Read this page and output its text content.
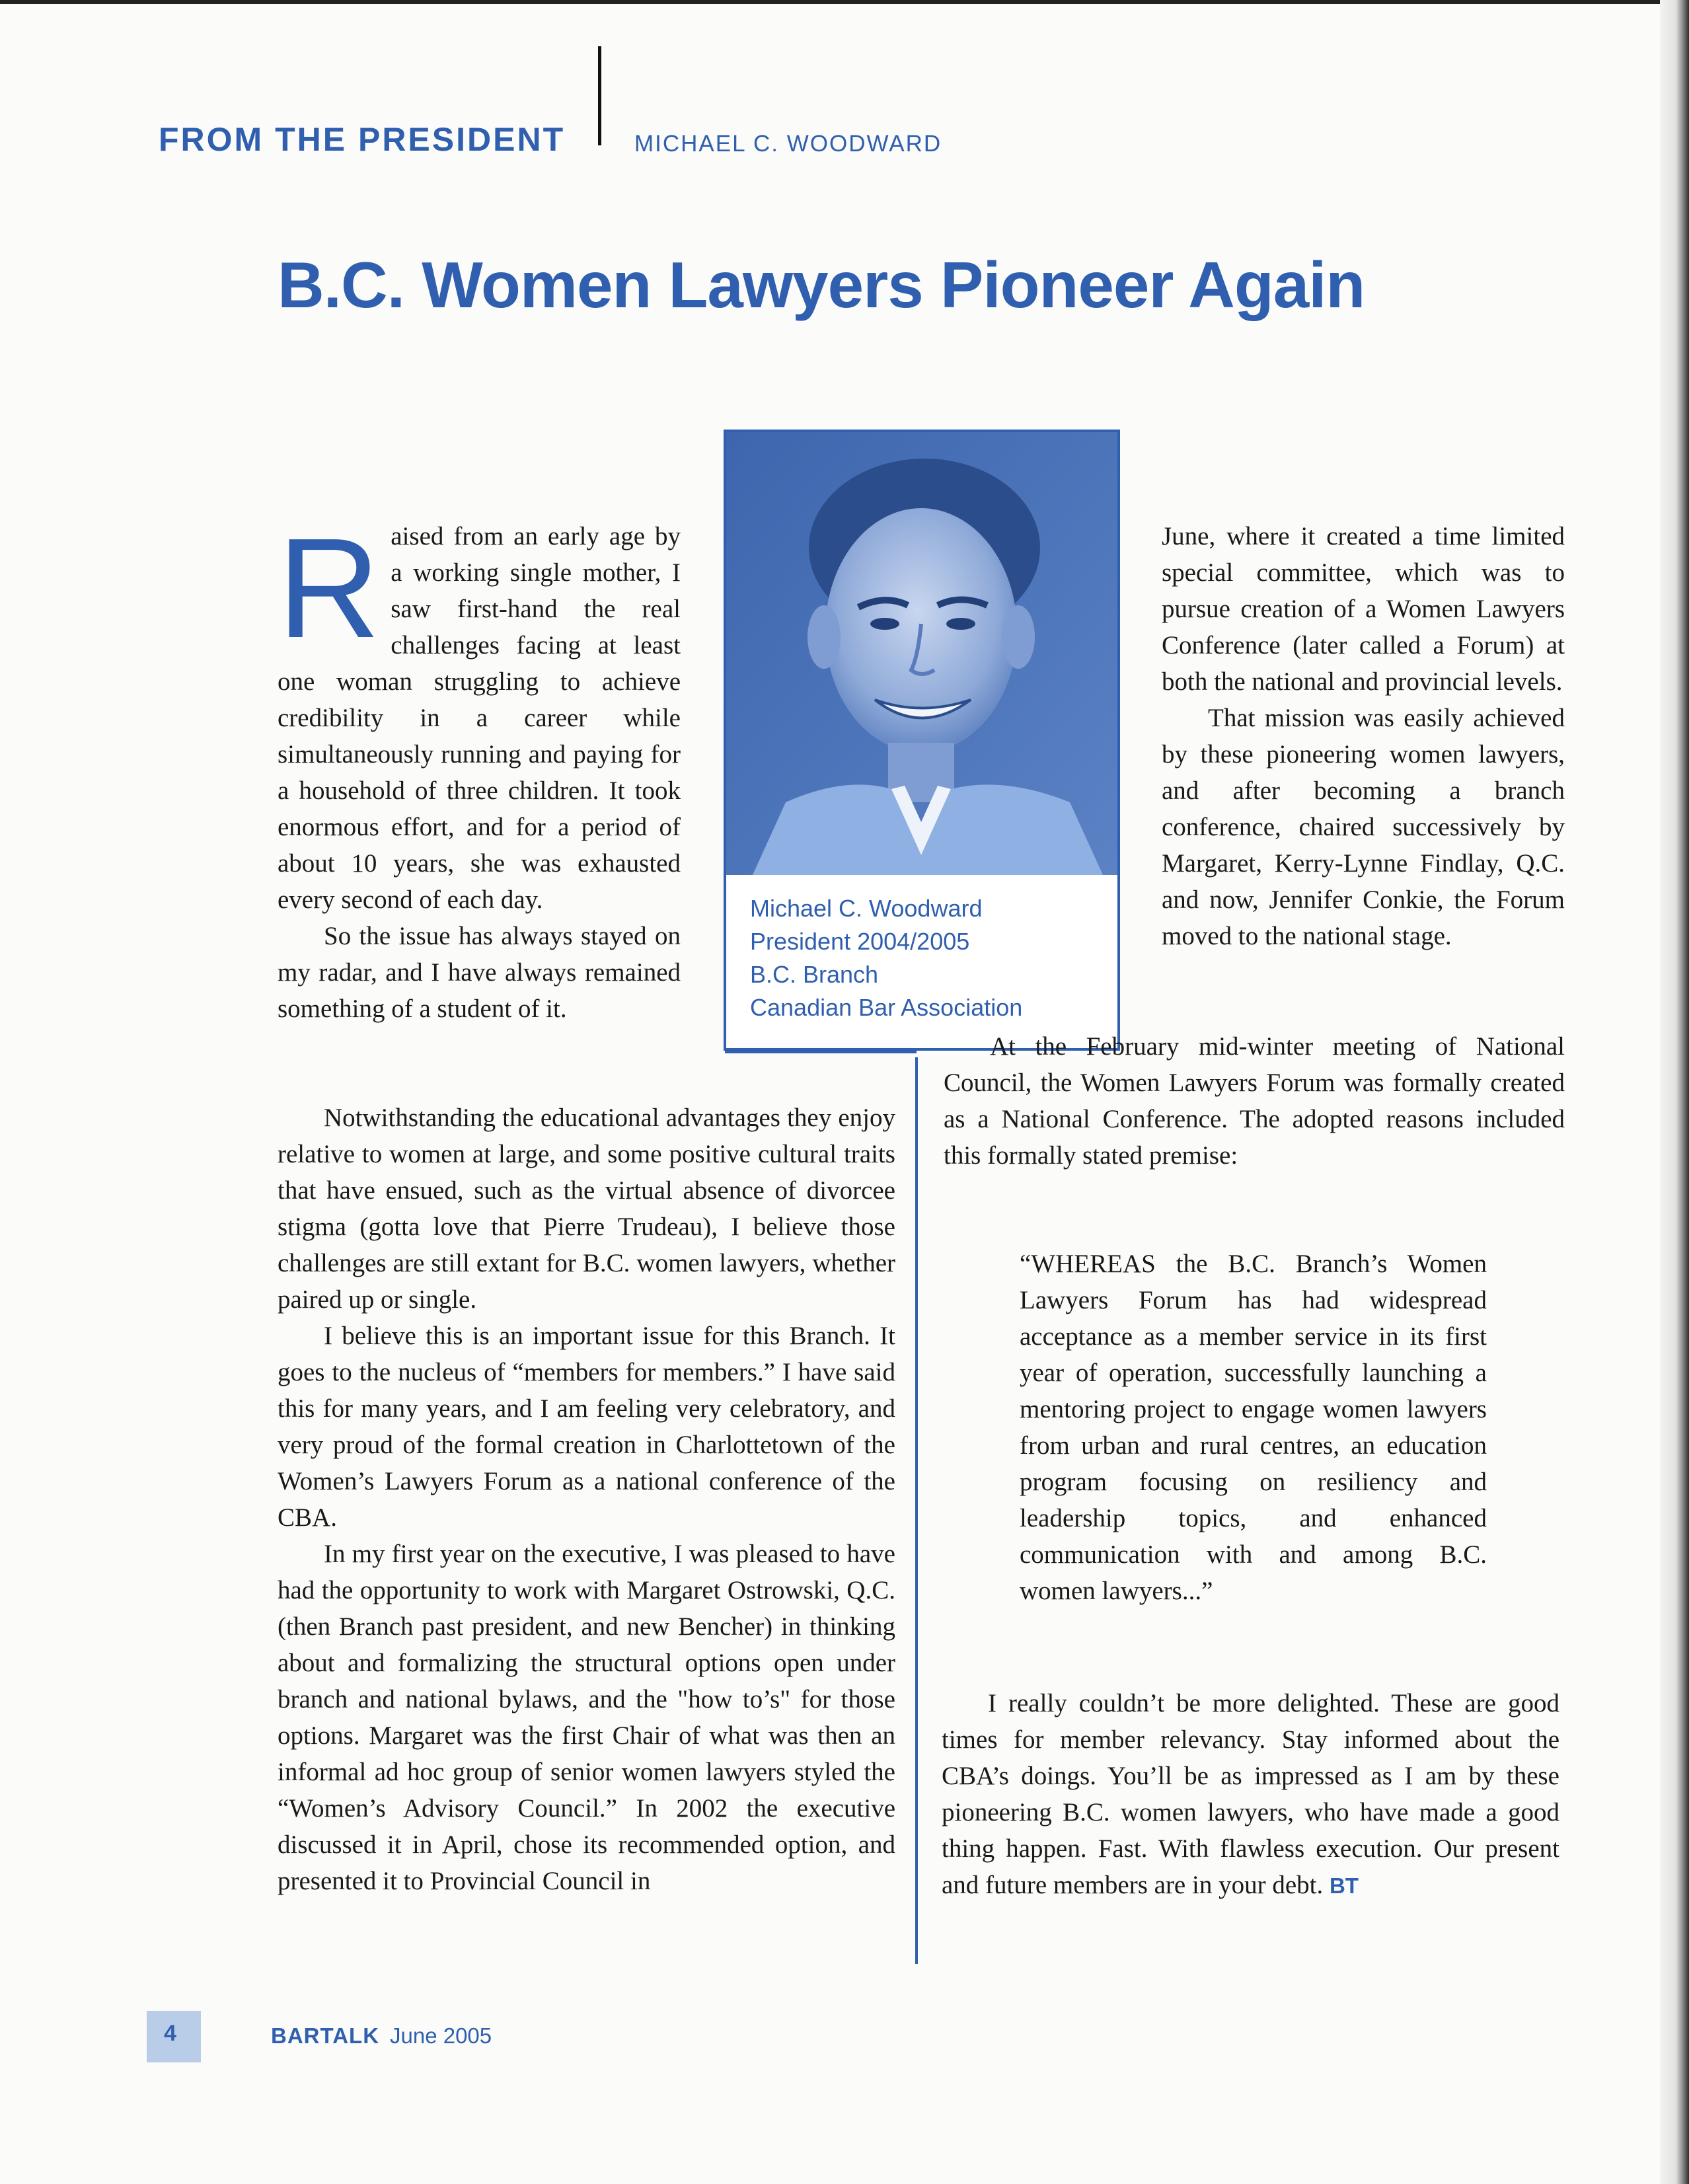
FROM THE PRESIDENT	MICHAEL C. WOODWARD
B.C. Women Lawyers Pioneer Again
Michael C. Woodward
President 2004/2005
B.C. Branch
Canadian Bar Association

Raised from an early age by a working single mother, I saw first-hand the real challenges facing at least one woman struggling to achieve credibility in a career while simultaneously running and paying for a household of three children. It took enormous effort, and for a period of about 10 years, she was exhausted every second of each day.

So the issue has always stayed on my radar, and I have always remained something of a student of it.

Notwithstanding the educational advantages they enjoy relative to women at large, and some positive cultural traits that have ensued, such as the virtual absence of divorcee stigma (gotta love that Pierre Trudeau), I believe those challenges are still extant for B.C. women lawyers, whether paired up or single.

I believe this is an important issue for this Branch. It goes to the nucleus of “members for members.” I have said this for many years, and I am feeling very celebratory, and very proud of the formal creation in Charlottetown of the Women’s Lawyers Forum as a national conference of the CBA.

In my first year on the executive, I was pleased to have had the opportunity to work with Margaret Ostrowski, Q.C. (then Branch past president, and new Bencher) in thinking about and formalizing the structural options open under branch and national bylaws, and the "how to’s" for those options. Margaret was the first Chair of what was then an informal ad hoc group of senior women lawyers styled the “Women’s Advisory Council.” In 2002 the executive discussed it in April, chose its recommended option, and presented it to Provincial Council in

June, where it created a time limited special committee, which was to pursue creation of a Women Lawyers Conference (later called a Forum) at both the national and provincial levels.

That mission was easily achieved by these pioneering women lawyers, and after becoming a branch conference, chaired successively by Margaret, Kerry-Lynne Findlay, Q.C. and now, Jennifer Conkie, the Forum moved to the national stage.

At the February mid-winter meeting of National Council, the Women Lawyers Forum was formally created as a National Conference. The adopted reasons included this formally stated premise:

“WHEREAS the B.C. Branch’s Women Lawyers Forum has had widespread acceptance as a member service in its first year of operation, successfully launching a mentoring project to engage women lawyers from urban and rural centres, an education program focusing on resiliency and leadership topics, and enhanced communication with and among B.C. women lawyers...”

I really couldn’t be more delighted. These are good times for member relevancy. Stay informed about the CBA’s doings. You’ll be as impressed as I am by these pioneering B.C. women lawyers, who have made a good thing happen. Fast. With flawless execution. Our present and future members are in your debt. BT

4	BARTALK June 2005
